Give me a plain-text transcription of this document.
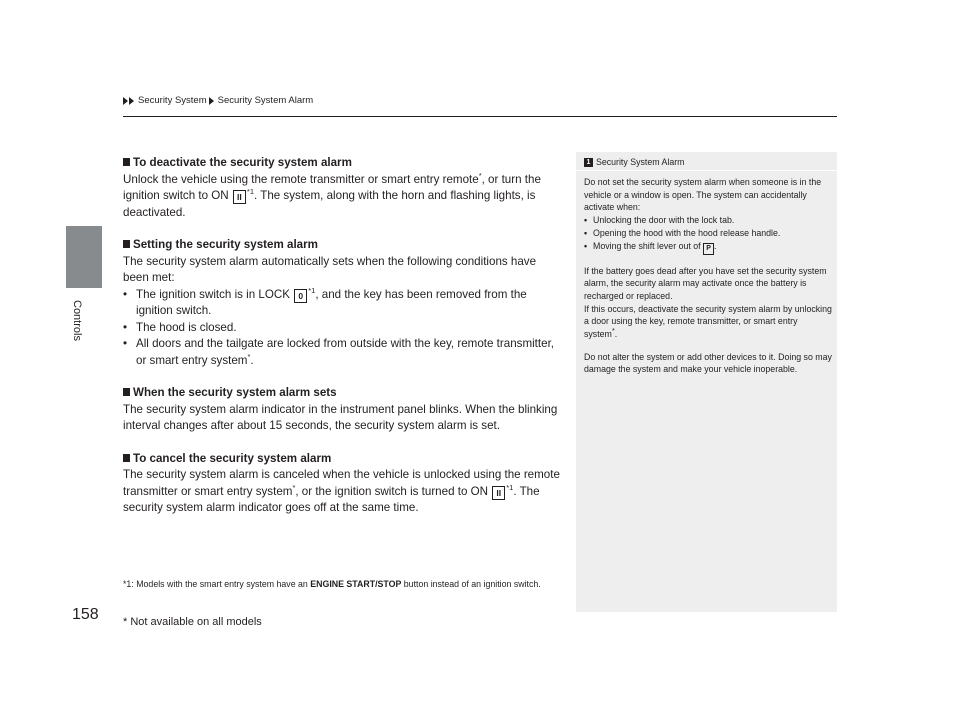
Controls
158
Security System Security System Alarm
To deactivate the security system alarm

Unlock the vehicle using the remote transmitter or smart entry remote*, or turn the ignition switch to ON II$^{*1}$. The system, along with the horn and flashing lights, is deactivated.

Setting the security system alarm

The security system alarm automatically sets when the following conditions have been met:

• The ignition switch is in LOCK 0$^{*1}$, and the key has been removed from the ignition switch.
• The hood is closed.
• All doors and the tailgate are locked from outside with the key, remote transmitter, or smart entry system*.
When the security system alarm sets

The security system alarm indicator in the instrument panel blinks. When the blinking interval changes after about 15 seconds, the security system alarm is set.

To cancel the security system alarm

The security system alarm is canceled when the vehicle is unlocked using the remote transmitter or smart entry system*, or the ignition switch is turned to ON II$^{*1}$. The security system alarm indicator goes off at the same time.

*1: Models with the smart entry system have an ENGINE START/STOP button instead of an ignition switch.
* Not available on all models
1 Security System Alarm

Do not set the security system alarm when someone is in the vehicle or a window is open. The system can accidentally activate when:

• Unlocking the door with the lock tab.
• Opening the hood with the hood release handle.
• Moving the shift lever out of P .

If the battery goes dead after you have set the security system alarm, the security alarm may activate once the battery is recharged or replaced.

If this occurs, deactivate the security system alarm by unlocking a door using the key, remote transmitter, or smart entry system*.

Do not alter the system or add other devices to it. Doing so may damage the system and make your vehicle inoperable.
